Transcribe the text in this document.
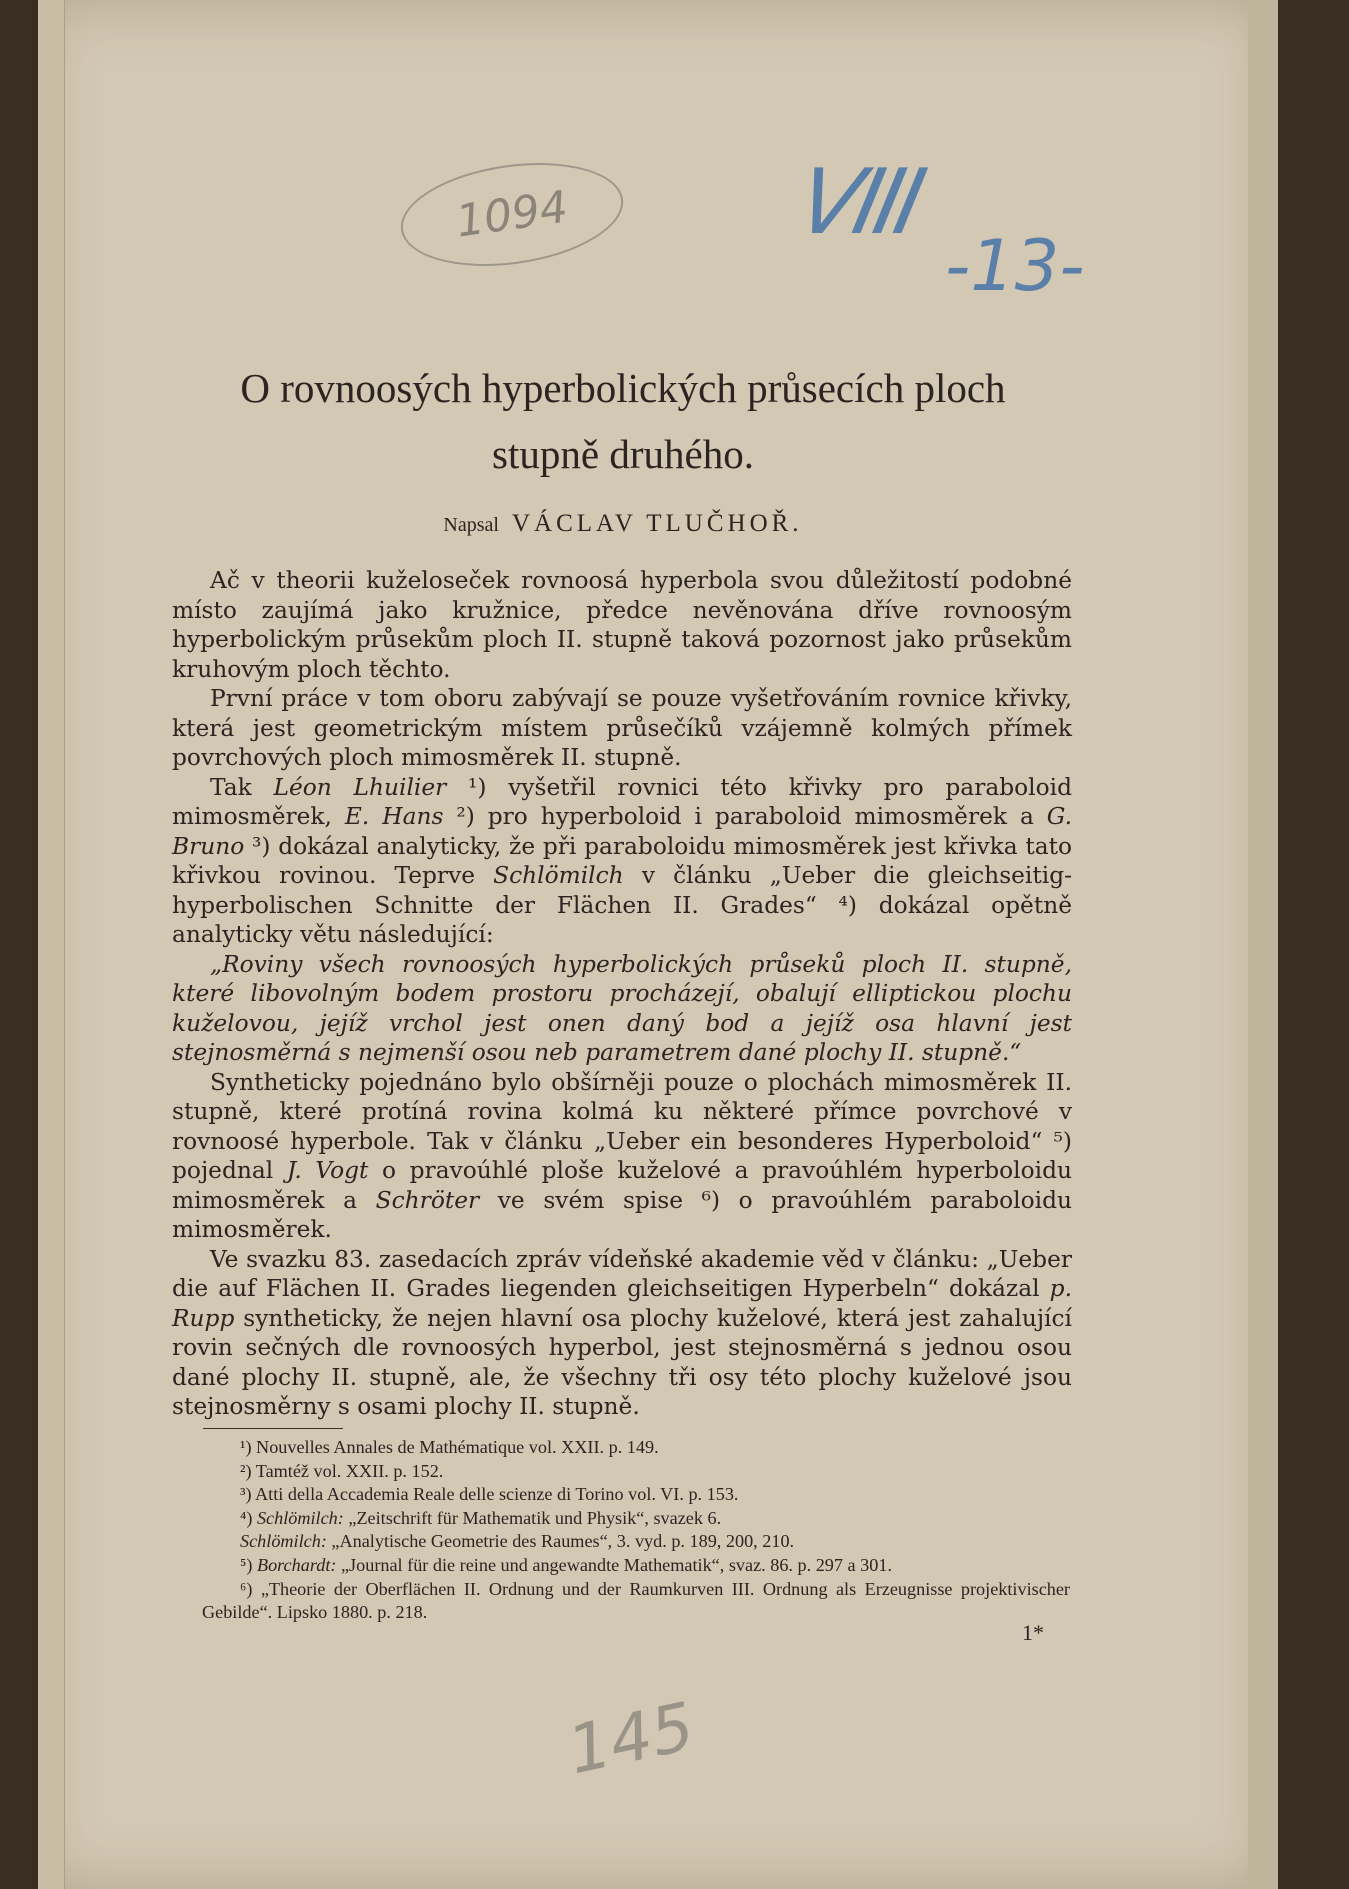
1094	VIII
-13-
O rovnoosých hyperbolických průsecích ploch
stupně druhého.
Napsal VÁCLAV TLUČHOŘ.

Ač v theorii kuželoseček rovnoosá hyperbola svou důležitostí podobné místo zaujímá jako kružnice, předce nevěnována dříve rovnoosým hyperbolickým průsekům ploch II. stupně taková pozornost jako průsekům kruhovým ploch těchto.

První práce v tom oboru zabývají se pouze vyšetřováním rovnice křivky, která jest geometrickým místem průsečíků vzájemně kolmých přímek povrchových ploch mimosměrek II. stupně.

Tak Léon Lhuilier ¹) vyšetřil rovnici této křivky pro paraboloid mimosměrek, E. Hans ²) pro hyperboloid i paraboloid mimosměrek a G. Bruno ³) dokázal analyticky, že při paraboloidu mimosměrek jest křivka tato křivkou rovinou. Teprve Schlömilch v článku „Ueber die gleichseitig-hyperbolischen Schnitte der Flächen II. Grades“ ⁴) dokázal opětně analyticky větu následující:

„Roviny všech rovnoosých hyperbolických průseků ploch II. stupně, které libovolným bodem prostoru procházejí, obalují elliptickou plochu kuželovou, jejíž vrchol jest onen daný bod a jejíž osa hlavní jest stejnosměrná s nejmenší osou neb parametrem dané plochy II. stupně.“

Syntheticky pojednáno bylo obšírněji pouze o plochách mimosměrek II. stupně, které protíná rovina kolmá ku některé přímce povrchové v rovnoosé hyperbole. Tak v článku „Ueber ein besonderes Hyperboloid“ ⁵) pojednal J. Vogt o pravoúhlé ploše kuželové a pravoúhlém hyperboloidu mimosměrek a Schröter ve svém spise ⁶) o pravoúhlém paraboloidu mimosměrek.

Ve svazku 83. zasedacích zpráv vídeňské akademie věd v článku: „Ueber die auf Flächen II. Grades liegenden gleichseitigen Hyperbeln“ dokázal p. Rupp syntheticky, že nejen hlavní osa plochy kuželové, která jest zahalující rovin sečných dle rovnoosých hyperbol, jest stejnosměrná s jednou osou dané plochy II. stupně, ale, že všechny tři osy této plochy kuželové jsou stejnosměrny s osami plochy II. stupně.

¹) Nouvelles Annales de Mathématique vol. XXII. p. 149.
²) Tamtéž vol. XXII. p. 152.
³) Atti della Accademia Reale delle scienze di Torino vol. VI. p. 153.
⁴) Schlömilch: „Zeitschrift für Mathematik und Physik“, svazek 6.
Schlömilch: „Analytische Geometrie des Raumes“, 3. vyd. p. 189, 200, 210.
⁵) Borchardt: „Journal für die reine und angewandte Mathematik“, svaz. 86. p. 297 a 301.
⁶) „Theorie der Oberflächen II. Ordnung und der Raumkurven III. Ordnung als Erzeugnisse projektivischer Gebilde“. Lipsko 1880. p. 218.
1*
145
